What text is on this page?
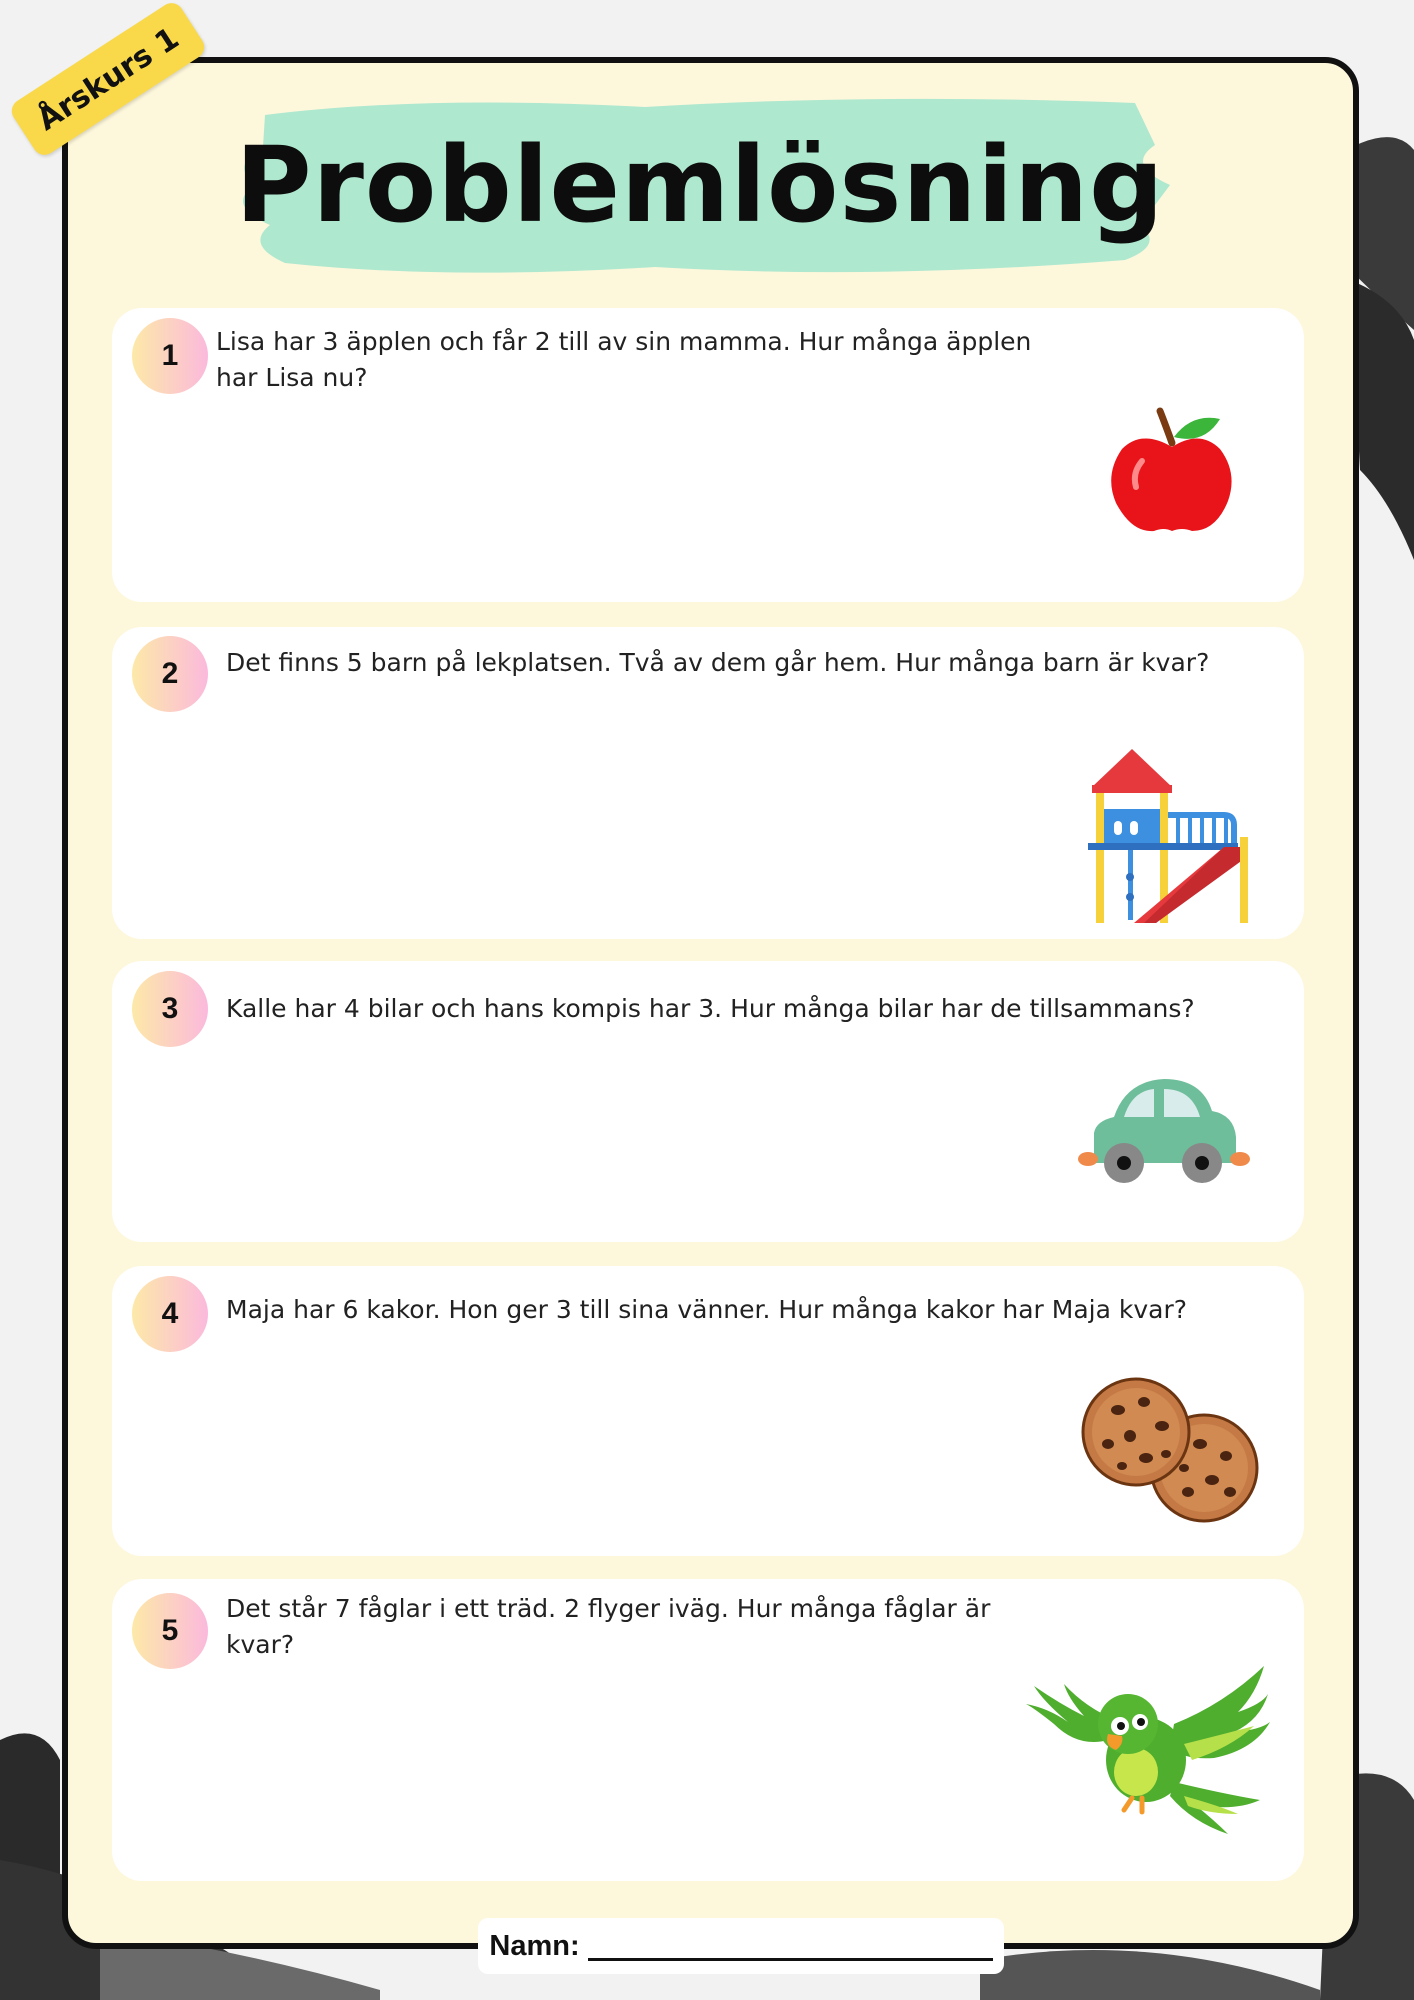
Årskurs 1
Problemlösning
1	Lisa har 3 äpplen och får 2 till av sin mamma. Hur många äpplen har Lisa nu?
2	Det finns 5 barn på lekplatsen. Två av dem går hem. Hur många barn är kvar?
3	Kalle har 4 bilar och hans kompis har 3. Hur många bilar har de tillsammans?
4	Maja har 6 kakor. Hon ger 3 till sina vänner. Hur många kakor har Maja kvar?
5
Det står 7 fåglar i ett träd. 2 flyger iväg. Hur många fåglar är kvar?
Namn:
